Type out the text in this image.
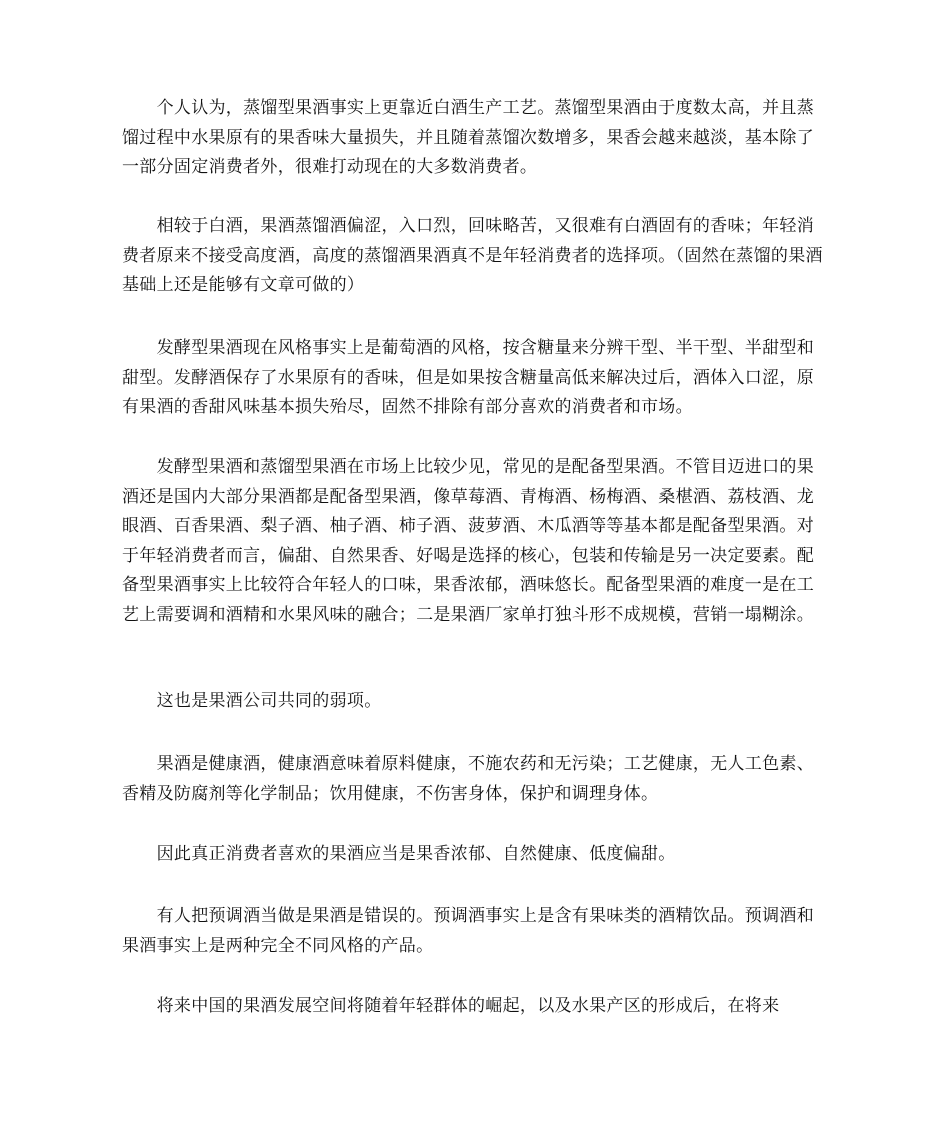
　　个人认为，蒸馏型果酒事实上更靠近白酒生产工艺。蒸馏型果酒由于度数太高，并且蒸馏过程中水果原有的果香味大量损失，并且随着蒸馏次数增多，果香会越来越淡，基本除了一部分固定消费者外，很难打动现在的大多数消费者。

　　相较于白酒，果酒蒸馏酒偏涩，入口烈，回味略苦，又很难有白酒固有的香味；年轻消费者原来不接受高度酒，高度的蒸馏酒果酒真不是年轻消费者的选择项。（固然在蒸馏的果酒基础上还是能够有文章可做的）

　　发酵型果酒现在风格事实上是葡萄酒的风格，按含糖量来分辨干型、半干型、半甜型和甜型。发酵酒保存了水果原有的香味，但是如果按含糖量高低来解决过后，酒体入口涩，原有果酒的香甜风味基本损失殆尽，固然不排除有部分喜欢的消费者和市场。

　　发酵型果酒和蒸馏型果酒在市场上比较少见，常见的是配备型果酒。不管目迈进口的果酒还是国内大部分果酒都是配备型果酒，像草莓酒、青梅酒、杨梅酒、桑椹酒、荔枝酒、龙眼酒、百香果酒、梨子酒、柚子酒、柿子酒、菠萝酒、木瓜酒等等基本都是配备型果酒。对于年轻消费者而言，偏甜、自然果香、好喝是选择的核心，包装和传输是另一决定要素。配备型果酒事实上比较符合年轻人的口味，果香浓郁，酒味悠长。配备型果酒的难度一是在工艺上需要调和酒精和水果风味的融合；二是果酒厂家单打独斗形不成规模，营销一塌糊涂。

　　这也是果酒公司共同的弱项。

　　果酒是健康酒，健康酒意味着原料健康，不施农药和无污染；工艺健康，无人工色素、香精及防腐剂等化学制品；饮用健康，不伤害身体，保护和调理身体。

　　因此真正消费者喜欢的果酒应当是果香浓郁、自然健康、低度偏甜。

　　有人把预调酒当做是果酒是错误的。预调酒事实上是含有果味类的酒精饮品。预调酒和果酒事实上是两种完全不同风格的产品。

　　将来中国的果酒发展空间将随着年轻群体的崛起，以及水果产区的形成后，在将来
